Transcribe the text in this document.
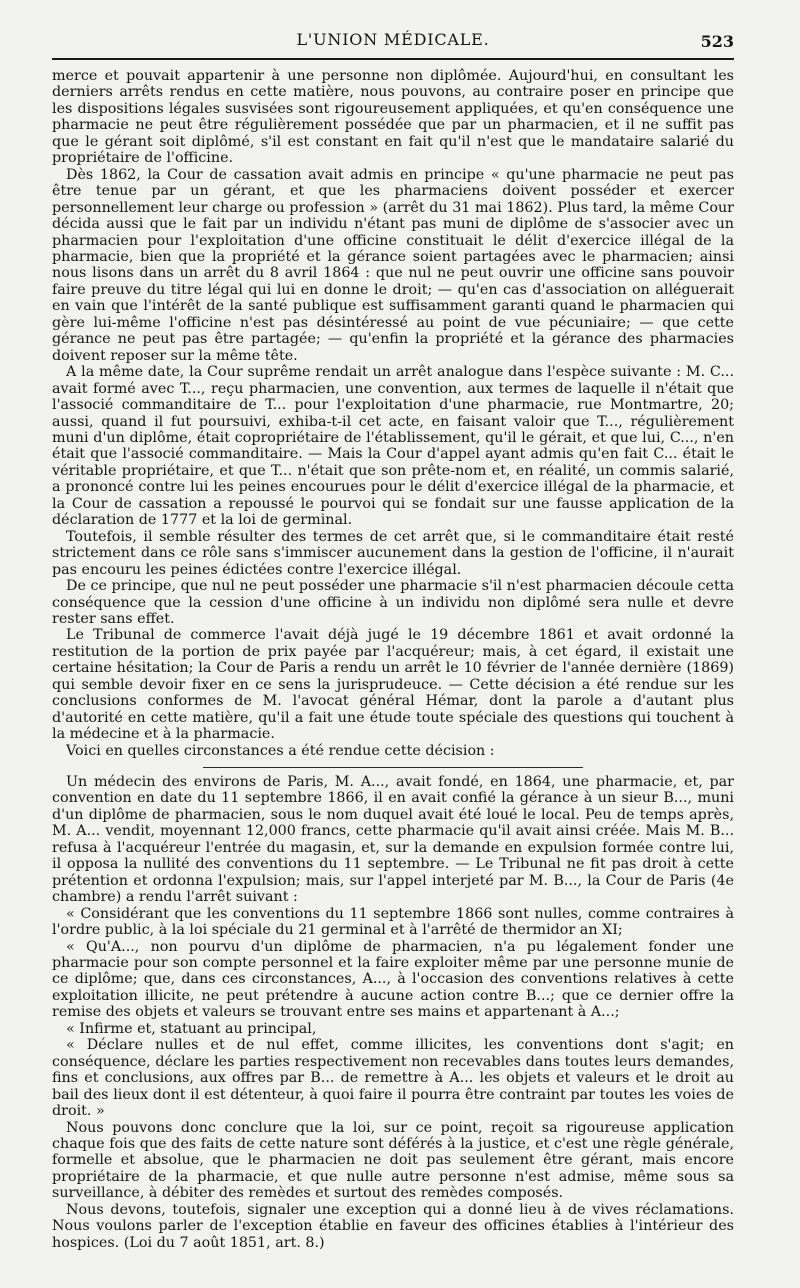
L'UNION MÉDICALE.	523

merce et pouvait appartenir à une personne non diplômée. Aujourd'hui, en consultant les derniers arrêts rendus en cette matière, nous pouvons, au contraire poser en principe que les dispositions légales susvisées sont rigoureusement appliquées, et qu'en conséquence une pharmacie ne peut être régulièrement possédée que par un pharmacien, et il ne suffit pas que le gérant soit diplômé, s'il est constant en fait qu'il n'est que le mandataire salarié du propriétaire de l'officine.

Dès 1862, la Cour de cassation avait admis en principe « qu'une pharmacie ne peut pas être tenue par un gérant, et que les pharmaciens doivent posséder et exercer personnellement leur charge ou profession » (arrêt du 31 mai 1862). Plus tard, la même Cour décida aussi que le fait par un individu n'étant pas muni de diplôme de s'associer avec un pharmacien pour l'exploitation d'une officine constituait le délit d'exercice illégal de la pharmacie, bien que la propriété et la gérance soient partagées avec le pharmacien; ainsi nous lisons dans un arrêt du 8 avril 1864 : que nul ne peut ouvrir une officine sans pouvoir faire preuve du titre légal qui lui en donne le droit; — qu'en cas d'association on alléguerait en vain que l'intérêt de la santé publique est suffisamment garanti quand le pharmacien qui gère lui-même l'officine n'est pas désintéressé au point de vue pécuniaire; — que cette gérance ne peut pas être partagée; — qu'enfin la propriété et la gérance des pharmacies doivent reposer sur la même tête.

A la même date, la Cour suprême rendait un arrêt analogue dans l'espèce suivante : M. C... avait formé avec T..., reçu pharmacien, une convention, aux termes de laquelle il n'était que l'associé commanditaire de T... pour l'exploitation d'une pharmacie, rue Montmartre, 20; aussi, quand il fut poursuivi, exhiba-t-il cet acte, en faisant valoir que T..., régulièrement muni d'un diplôme, était copropriétaire de l'établissement, qu'il le gérait, et que lui, C..., n'en était que l'associé commanditaire. — Mais la Cour d'appel ayant admis qu'en fait C... était le véritable propriétaire, et que T... n'était que son prête-nom et, en réalité, un commis salarié, a prononcé contre lui les peines encourues pour le délit d'exercice illégal de la pharmacie, et la Cour de cassation a repoussé le pourvoi qui se fondait sur une fausse application de la déclaration de 1777 et la loi de germinal.

Toutefois, il semble résulter des termes de cet arrêt que, si le commanditaire était resté strictement dans ce rôle sans s'immiscer aucunement dans la gestion de l'officine, il n'aurait pas encouru les peines édictées contre l'exercice illégal.

De ce principe, que nul ne peut posséder une pharmacie s'il n'est pharmacien découle cetta conséquence que la cession d'une officine à un individu non diplômé sera nulle et devre rester sans effet.

Le Tribunal de commerce l'avait déjà jugé le 19 décembre 1861 et avait ordonné la restitution de la portion de prix payée par l'acquéreur; mais, à cet égard, il existait une certaine hésitation; la Cour de Paris a rendu un arrêt le 10 février de l'année dernière (1869) qui semble devoir fixer en ce sens la jurisprudeuce. — Cette décision a été rendue sur les conclusions conformes de M. l'avocat général Hémar, dont la parole a d'autant plus d'autorité en cette matière, qu'il a fait une étude toute spéciale des questions qui touchent à la médecine et à la pharmacie.

Voici en quelles circonstances a été rendue cette décision :

Un médecin des environs de Paris, M. A..., avait fondé, en 1864, une pharmacie, et, par convention en date du 11 septembre 1866, il en avait confié la gérance à un sieur B..., muni d'un diplôme de pharmacien, sous le nom duquel avait été loué le local. Peu de temps après, M. A... vendit, moyennant 12,000 francs, cette pharmacie qu'il avait ainsi créée. Mais M. B... refusa à l'acquéreur l'entrée du magasin, et, sur la demande en expulsion formée contre lui, il opposa la nullité des conventions du 11 septembre. — Le Tribunal ne fit pas droit à cette prétention et ordonna l'expulsion; mais, sur l'appel interjeté par M. B..., la Cour de Paris (4e chambre) a rendu l'arrêt suivant :

« Considérant que les conventions du 11 septembre 1866 sont nulles, comme contraires à l'ordre public, à la loi spéciale du 21 germinal et à l'arrêté de thermidor an XI;

« Qu'A..., non pourvu d'un diplôme de pharmacien, n'a pu légalement fonder une pharmacie pour son compte personnel et la faire exploiter même par une personne munie de ce diplôme; que, dans ces circonstances, A..., à l'occasion des conventions relatives à cette exploitation illicite, ne peut prétendre à aucune action contre B...; que ce dernier offre la remise des objets et valeurs se trouvant entre ses mains et appartenant à A...;

« Infirme et, statuant au principal,

« Déclare nulles et de nul effet, comme illicites, les conventions dont s'agit; en conséquence, déclare les parties respectivement non recevables dans toutes leurs demandes, fins et conclusions, aux offres par B... de remettre à A... les objets et valeurs et le droit au bail des lieux dont il est détenteur, à quoi faire il pourra être contraint par toutes les voies de droit. »

Nous pouvons donc conclure que la loi, sur ce point, reçoit sa rigoureuse application chaque fois que des faits de cette nature sont déférés à la justice, et c'est une règle générale, formelle et absolue, que le pharmacien ne doit pas seulement être gérant, mais encore propriétaire de la pharmacie, et que nulle autre personne n'est admise, même sous sa surveillance, à débiter des remèdes et surtout des remèdes composés.

Nous devons, toutefois, signaler une exception qui a donné lieu à de vives réclamations. Nous voulons parler de l'exception établie en faveur des officines établies à l'intérieur des hospices. (Loi du 7 août 1851, art. 8.)
